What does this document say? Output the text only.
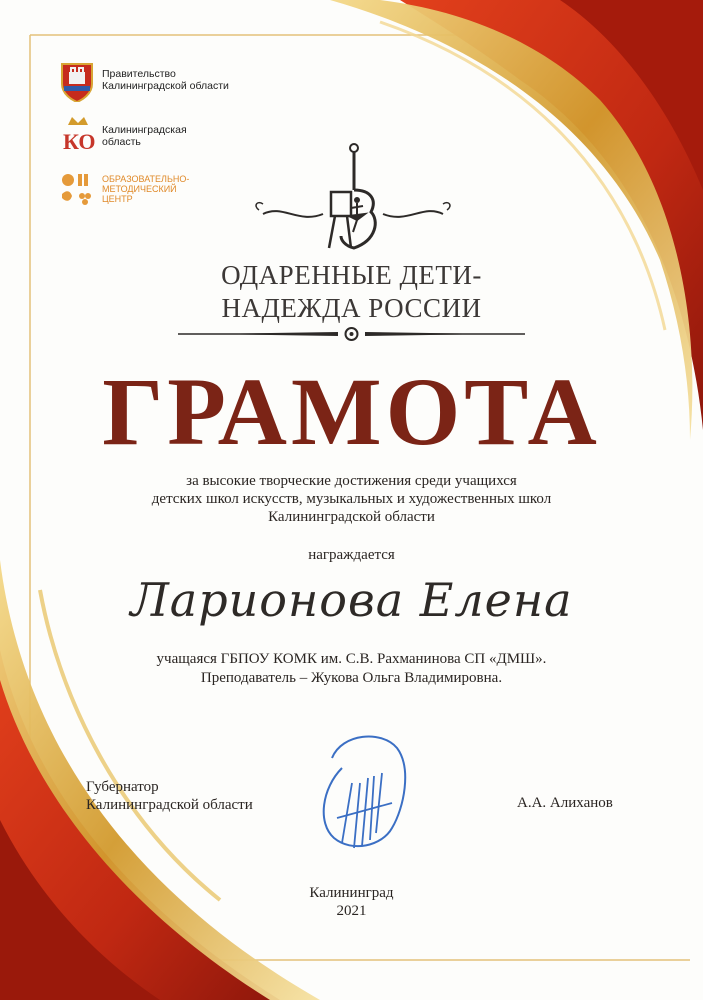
Правительство
Калининградской области
КО Калининградская
область
ОБРАЗОВАТЕЛЬНО-
МЕТОДИЧЕСКИЙ
ЦЕНТР
ОДАРЕННЫЕ ДЕТИ-
НАДЕЖДА РОССИИ
ГРАМОТА
за высокие творческие достижения среди учащихся
детских школ искусств, музыкальных и художественных школ
Калининградской области
награждается
Ларионова Елена
учащаяся ГБПОУ КОМК им. С.В. Рахманинова СП «ДМШ».
Преподаватель – Жукова Ольга Владимировна.
Губернатор
Калининградской области	А.А. Алиханов
Калининград
2021
